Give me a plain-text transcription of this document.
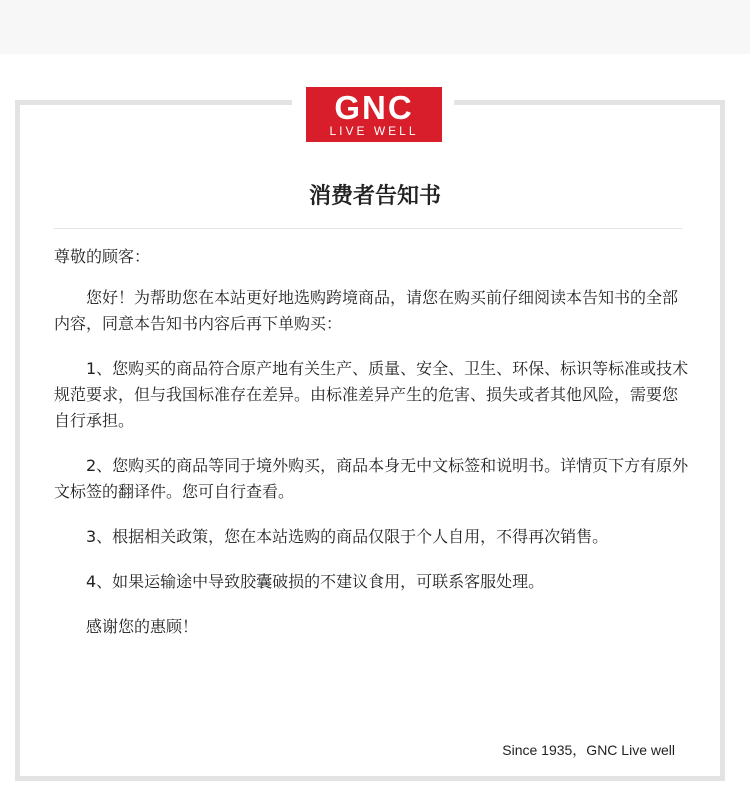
GNC
LIVE WELL
消费者告知书

尊敬的顾客：

您好！为帮助您在本站更好地选购跨境商品，请您在购买前仔细阅读本告知书的全部内容，同意本告知书内容后再下单购买：

1、您购买的商品符合原产地有关生产、质量、安全、卫生、环保、标识等标准或技术规范要求，但与我国标准存在差异。由标准差异产生的危害、损失或者其他风险，需要您自行承担。

2、您购买的商品等同于境外购买，商品本身无中文标签和说明书。详情页下方有原外文标签的翻译件。您可自行查看。

3、根据相关政策，您在本站选购的商品仅限于个人自用，不得再次销售。

4、如果运输途中导致胶囊破损的不建议食用，可联系客服处理。

感谢您的惠顾！

Since 1935，GNC Live well
